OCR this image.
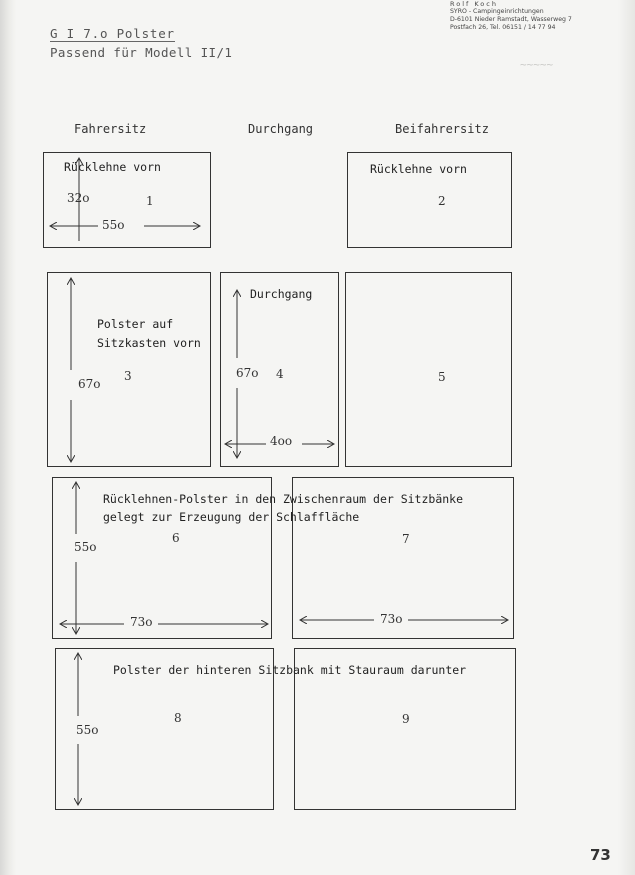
~~~~~
Rolf Koch
SYRO - Campingeinrichtungen
D-6101 Nieder Ramstadt, Wasserweg 7
Postfach 26, Tel. 06151 / 14 77 94
G I 7.o Polster
Passend für Modell II/1
Fahrersitz	Durchgang	Beifahrersitz
Rücklehne vorn
32o	1
55o
Rücklehne vorn
2
Polster auf
Sitzkasten vorn
3
67o
Durchgang
67o 4
4oo
5
Rücklehnen-Polster in den Zwischenraum der Sitzbänke
gelegt zur Erzeugung der Schlaffläche
6
55o
73o
7
73o
Polster der hinteren Sitzbank mit Stauraum darunter
8
55o
9
73
